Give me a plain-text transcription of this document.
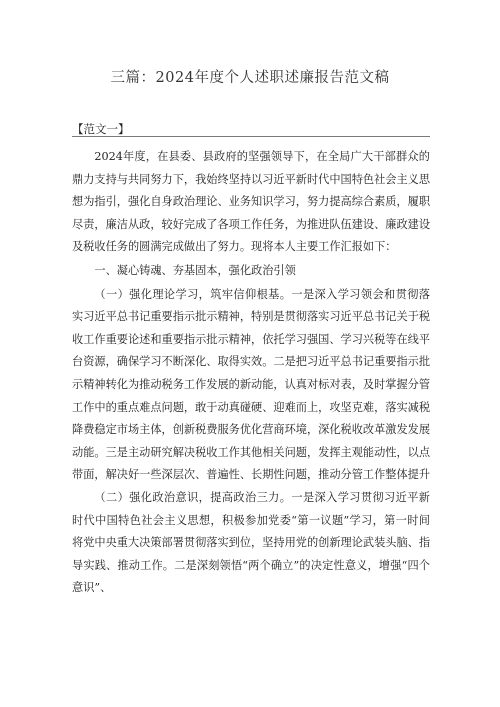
三篇：2024年度个人述职述廉报告范文稿
【范文一】

2024年度，在县委、县政府的坚强领导下，在全局广大干部群众的鼎力支持与共同努力下，我始终坚持以习近平新时代中国特色社会主义思想为指引，强化自身政治理论、业务知识学习，努力提高综合素质，履职尽责，廉洁从政，较好完成了各项工作任务，为推进队伍建设、廉政建设及税收任务的圆满完成做出了努力。现将本人主要工作汇报如下：

一、凝心铸魂、夯基固本，强化政治引领

（一）强化理论学习，筑牢信仰根基。一是深入学习领会和贯彻落实习近平总书记重要指示批示精神，特别是贯彻落实习近平总书记关于税收工作重要论述和重要指示批示精神，依托学习强国、学习兴税等在线平台资源，确保学习不断深化、取得实效。二是把习近平总书记重要指示批示精神转化为推动税务工作发展的新动能，认真对标对表，及时掌握分管工作中的重点难点问题，敢于动真碰硬、迎难而上，攻坚克难，落实减税降费稳定市场主体，创新税费服务优化营商环境，深化税收改革激发发展动能。三是主动研究解决税收工作其他相关问题，发挥主观能动性，以点带面，解决好一些深层次、普遍性、长期性问题，推动分管工作整体提升

（二）强化政治意识，提高政治三力。一是深入学习贯彻习近平新时代中国特色社会主义思想，积极参加党委“第一议题”学习，第一时间将党中央重大决策部署贯彻落实到位，坚持用党的创新理论武装头脑、指导实践、推动工作。二是深刻领悟“两个确立”的决定性意义，增强“四个意识”、
